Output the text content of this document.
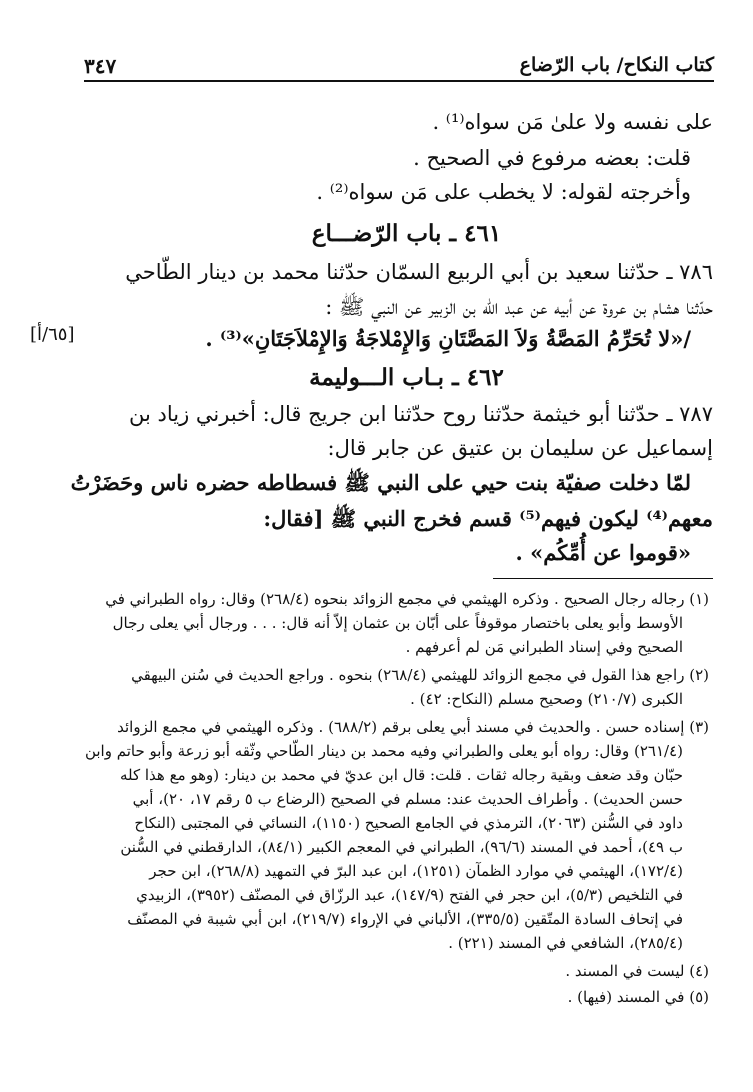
كتاب النكاح/ باب الرّضاع
٣٤٧
[٦٥/أ]
على نفسه ولا علىٰ مَن سواه⁽¹⁾ .
قلت: بعضه مرفوع في الصحيح .
وأخرجته لقوله: لا يخطب على مَن سواه⁽²⁾ .
٤٦١ ـ باب الرّضـــاع
٧٨٦ ـ حدّثنا سعيد بن أبي الربيع السمّان حدّثنا محمد بن دينار الطّاحي
حدّثنا هشام بن عروة عن أبيه عن عبد الله بن الزبير عن النبي ﷺ :
/«لا تُحَرِّمُ المَصَّةُ وَلاَ المَصَّتَانِ وَالإِمْلاجَةُ وَالإِمْلاَجَتَانِ»⁽³⁾ .
٤٦٢ ـ بـاب الـــوليمة
٧٨٧ ـ حدّثنا أبو خيثمة حدّثنا روح حدّثنا ابن جريج قال: أخبرني زياد بن
إسماعيل عن سليمان بن عتيق عن جابر قال:
لمّا دخلت صفيّة بنت حيي على النبي ﷺ فسطاطه حضره ناس وحَضَرْتُ
معهم⁽⁴⁾ ليكون فيهم⁽⁵⁾ قسم فخرج النبي ﷺ [فقال:
«قوموا عن أُمِّكُم» .
(١) رجاله رجال الصحيح . وذكره الهيثمي في مجمع الزوائد بنحوه (٢٦٨/٤) وقال: رواه الطبراني في
الأوسط وأبو يعلى باختصار موقوفاً على أبّان بن عثمان إلاّ أنه قال: . . . ورجال أبي يعلى رجال
الصحيح وفي إسناد الطبراني مَن لم أعرفهم .
(٢) راجع هذا القول في مجمع الزوائد للهيثمي (٢٦٨/٤) بنحوه . وراجع الحديث في سُنن البيهقي
الكبرى (٢١٠/٧) وصحيح مسلم (النكاح: ٤٢) .
(٣) إسناده حسن . والحديث في مسند أبي يعلى برقم (٦٨٨/٢) . وذكره الهيثمي في مجمع الزوائد
(٢٦١/٤) وقال: رواه أبو يعلى والطبراني وفيه محمد بن دينار الطّاحي وثّقه أبو زرعة وأبو حاتم وابن
حبّان وقد ضعف وبقية رجاله ثقات . قلت: قال ابن عديّ في محمد بن دينار: (وهو مع هذا كله
حسن الحديث) . وأطراف الحديث عند: مسلم في الصحيح (الرضاع ب ٥ رقم ١٧، ٢٠)، أبي
داود في السُّنن (٢٠٦٣)، الترمذي في الجامع الصحيح (١١٥٠)، النسائي في المجتبى (النكاح
ب ٤٩)، أحمد في المسند (٩٦/٦)، الطبراني في المعجم الكبير (٨٤/١)، الدارقطني في السُّنن
(١٧٢/٤)، الهيثمي في موارد الظمآن (١٢٥١)، ابن عبد البرّ في التمهيد (٢٦٨/٨)، ابن حجر
في التلخيص (٥/٣)، ابن حجر في الفتح (١٤٧/٩)، عبد الرزّاق في المصنّف (٣٩٥٢)، الزبيدي
في إتحاف السادة المتّقين (٣٣٥/٥)، الألباني في الإرواء (٢١٩/٧)، ابن أبي شيبة في المصنّف
(٢٨٥/٤)، الشافعي في المسند (٢٢١) .
(٤) ليست في المسند .
(٥) في المسند (فيها) .
